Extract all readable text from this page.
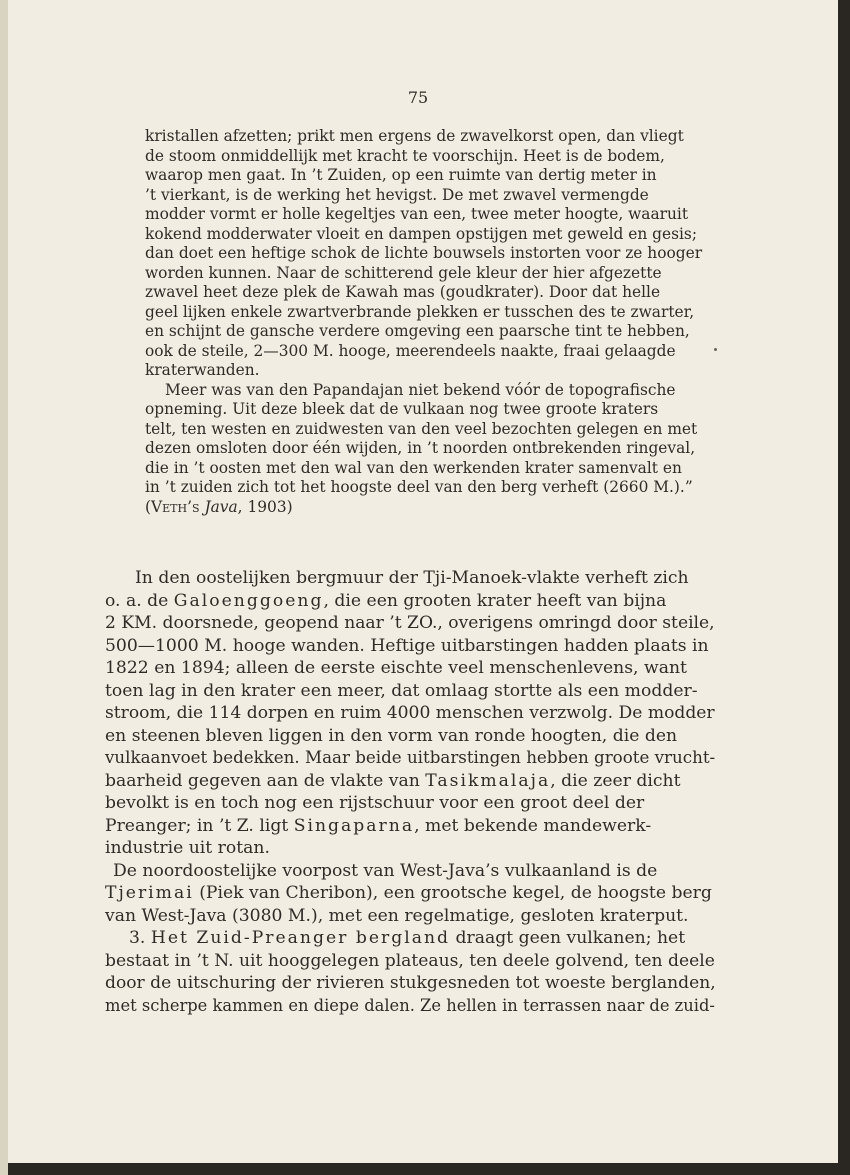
75
kristallen afzetten; prikt men ergens de zwavelkorst open, dan vliegt
de stoom onmiddellijk met kracht te voorschijn. Heet is de bodem,
waarop men gaat. In ’t Zuiden, op een ruimte van dertig meter in
’t vierkant, is de werking het hevigst. De met zwavel vermengde
modder vormt er holle kegeltjes van een, twee meter hoogte, waaruit
kokend modderwater vloeit en dampen opstijgen met geweld en gesis;
dan doet een heftige schok de lichte bouwsels instorten voor ze hooger
worden kunnen. Naar de schitterend gele kleur der hier afgezette
zwavel heet deze plek de Kawah mas (goudkrater). Door dat helle
geel lijken enkele zwartverbrande plekken er tusschen des te zwarter,
en schijnt de gansche verdere omgeving een paarsche tint te hebben,
ook de steile, 2—300 M. hooge, meerendeels naakte, fraai gelaagde
kraterwanden.
Meer was van den Papandajan niet bekend vóór de topografische
opneming. Uit deze bleek dat de vulkaan nog twee groote kraters
telt, ten westen en zuidwesten van den veel bezochten gelegen en met
dezen omsloten door één wijden, in ’t noorden ontbrekenden ringeval,
die in ’t oosten met den wal van den werkenden krater samenvalt en
in ’t zuiden zich tot het hoogste deel van den berg verheft (2660 M.).”
(Veth’s Java, 1903)
In den oostelijken bergmuur der Tji-Manoek-vlakte verheft zich
o. a. de Galoenggoeng, die een grooten krater heeft van bijna
2 KM. doorsnede, geopend naar ’t ZO., overigens omringd door steile,
500—1000 M. hooge wanden. Heftige uitbarstingen hadden plaats in
1822 en 1894; alleen de eerste eischte veel menschenlevens, want
toen lag in den krater een meer, dat omlaag stortte als een modder-
stroom, die 114 dorpen en ruim 4000 menschen verzwolg. De modder
en steenen bleven liggen in den vorm van ronde hoogten, die den
vulkaanvoet bedekken. Maar beide uitbarstingen hebben groote vrucht-
baarheid gegeven aan de vlakte van Tasikmalaja, die zeer dicht
bevolkt is en toch nog een rijstschuur voor een groot deel der
Preanger; in ’t Z. ligt Singaparna, met bekende mandewerk-
industrie uit rotan.
De noordoostelijke voorpost van West-Java’s vulkaanland is de
Tjerimai (Piek van Cheribon), een grootsche kegel, de hoogste berg
van West-Java (3080 M.), met een regelmatige, gesloten kraterput.
3. Het Zuid-Preanger bergland draagt geen vulkanen; het
bestaat in ’t N. uit hooggelegen plateaus, ten deele golvend, ten deele
door de uitschuring der rivieren stukgesneden tot woeste berglanden,
met scherpe kammen en diepe dalen. Ze hellen in terrassen naar de zuid-
